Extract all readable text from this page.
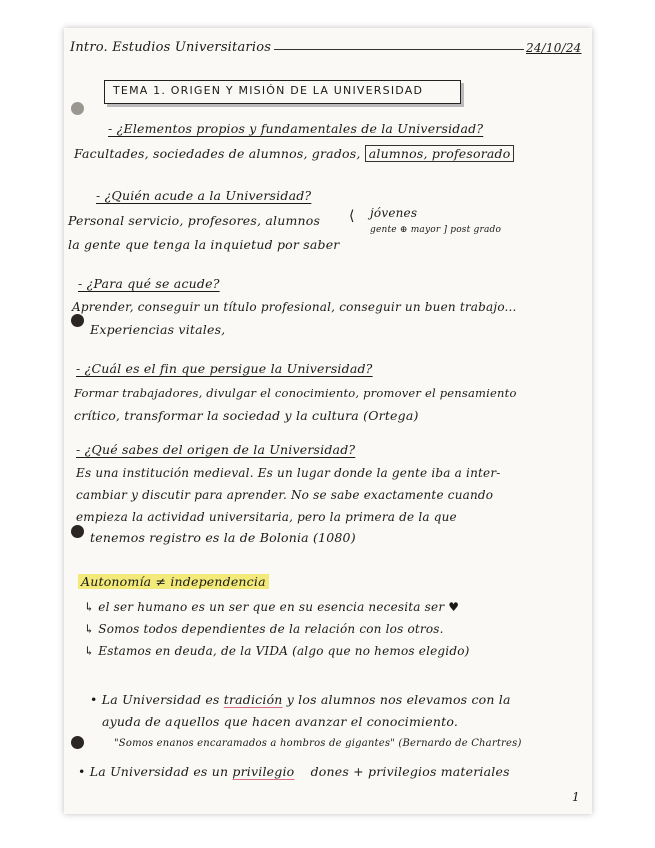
Intro. Estudios Universitarios	24/10/24
TEMA 1. ORIGEN Y MISIÓN DE LA UNIVERSIDAD
- ¿Elementos propios y fundamentales de la Universidad?
Facultades, sociedades de alumnos, grados, alumnos, profesorado
- ¿Quién acude a la Universidad?
Personal servicio, profesores, alumnos ⟨ jóvenes
gente ⊕ mayor ] post grado
la gente que tenga la inquietud por saber
- ¿Para qué se acude?
Aprender, conseguir un título profesional, conseguir un buen trabajo...
Experiencias vitales,
- ¿Cuál es el fin que persigue la Universidad?
Formar trabajadores, divulgar el conocimiento, promover el pensamiento
crítico, transformar la sociedad y la cultura (Ortega)
- ¿Qué sabes del origen de la Universidad?
Es una institución medieval. Es un lugar donde la gente iba a inter-
cambiar y discutir para aprender. No se sabe exactamente cuando
empieza la actividad universitaria, pero la primera de la que
tenemos registro es la de Bolonia (1080)
Autonomía ≠ independencia
↳ el ser humano es un ser que en su esencia necesita ser ♥
↳ Somos todos dependientes de la relación con los otros.
↳ Estamos en deuda, de la VIDA (algo que no hemos elegido)
• La Universidad es tradición y los alumnos nos elevamos con la
ayuda de aquellos que hacen avanzar el conocimiento.
"Somos enanos encaramados a hombros de gigantes" (Bernardo de Chartres)
• La Universidad es un privilegio dones + privilegios materiales
1
